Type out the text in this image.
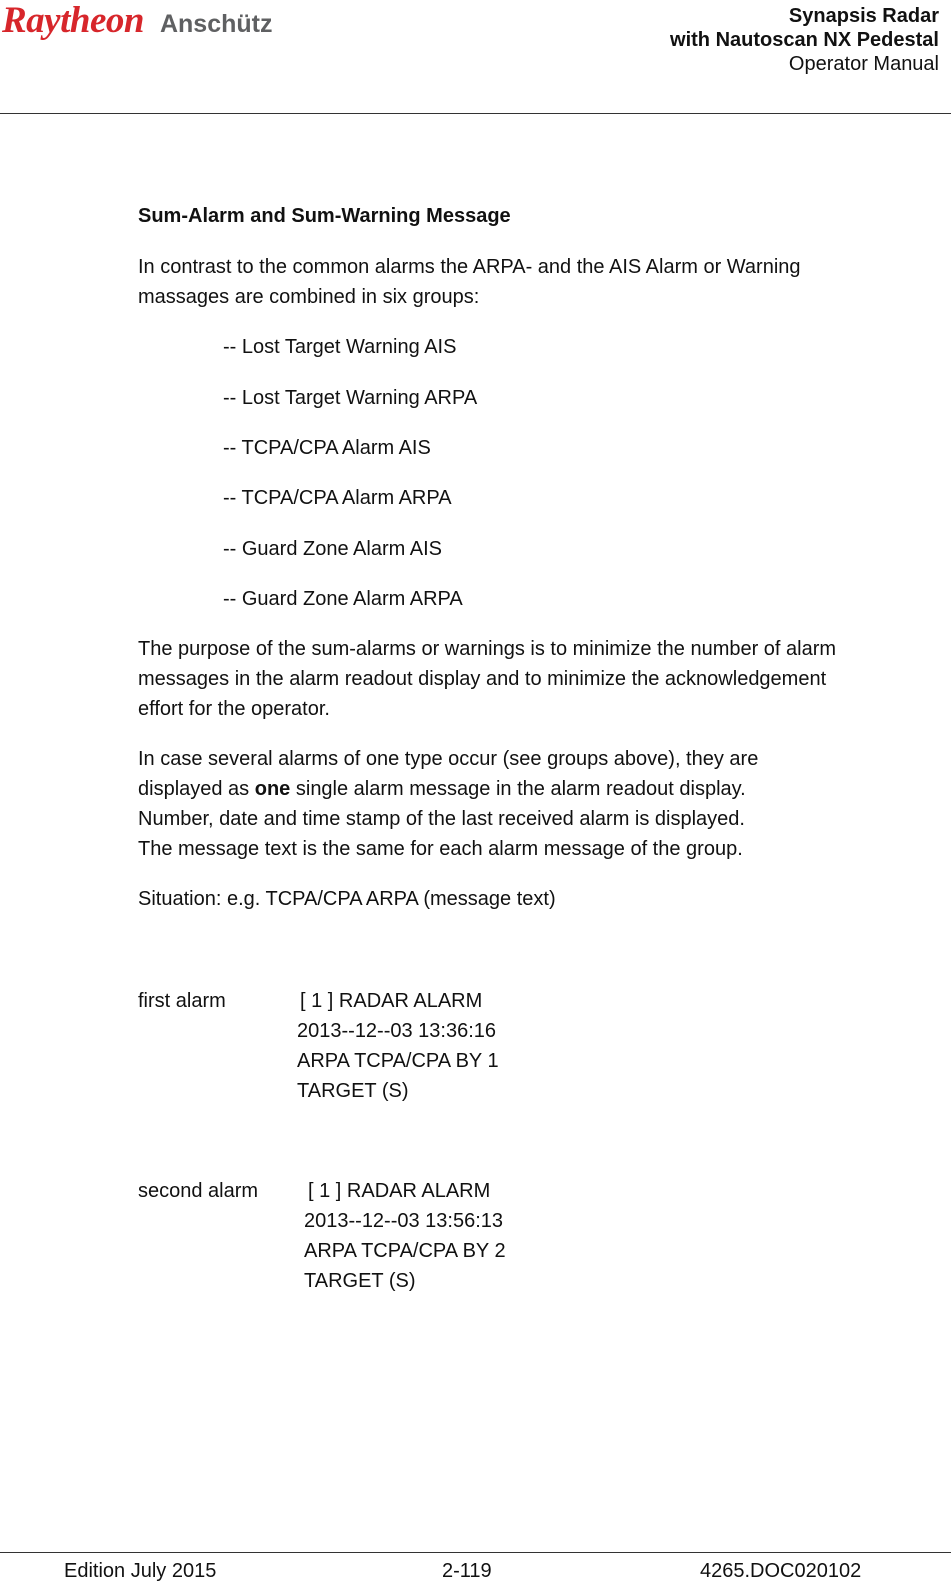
Raytheon Anschütz	Synapsis Radar
with Nautoscan NX Pedestal
Operator Manual
Sum-Alarm and Sum-Warning Message
In contrast to the common alarms the ARPA- and the AIS Alarm or Warning
massages are combined in six groups:
-- Lost Target Warning AIS
-- Lost Target Warning ARPA
-- TCPA/CPA Alarm AIS
-- TCPA/CPA Alarm ARPA
-- Guard Zone Alarm AIS
-- Guard Zone Alarm ARPA
The purpose of the sum-alarms or warnings is to minimize the number of alarm
messages in the alarm readout display and to minimize the acknowledgement
effort for the operator.
In case several alarms of one type occur (see groups above), they are
displayed as one single alarm message in the alarm readout display.
Number, date and time stamp of the last received alarm is displayed.
The message text is the same for each alarm message of the group.
Situation: e.g. TCPA/CPA ARPA (message text)
first alarm	[ 1 ] RADAR ALARM
2013--12--03 13:36:16
ARPA TCPA/CPA BY 1
TARGET (S)
second alarm [ 1 ] RADAR ALARM
2013--12--03 13:56:13
ARPA TCPA/CPA BY 2
TARGET (S)
Edition July 2015	2-119	4265.DOC020102
